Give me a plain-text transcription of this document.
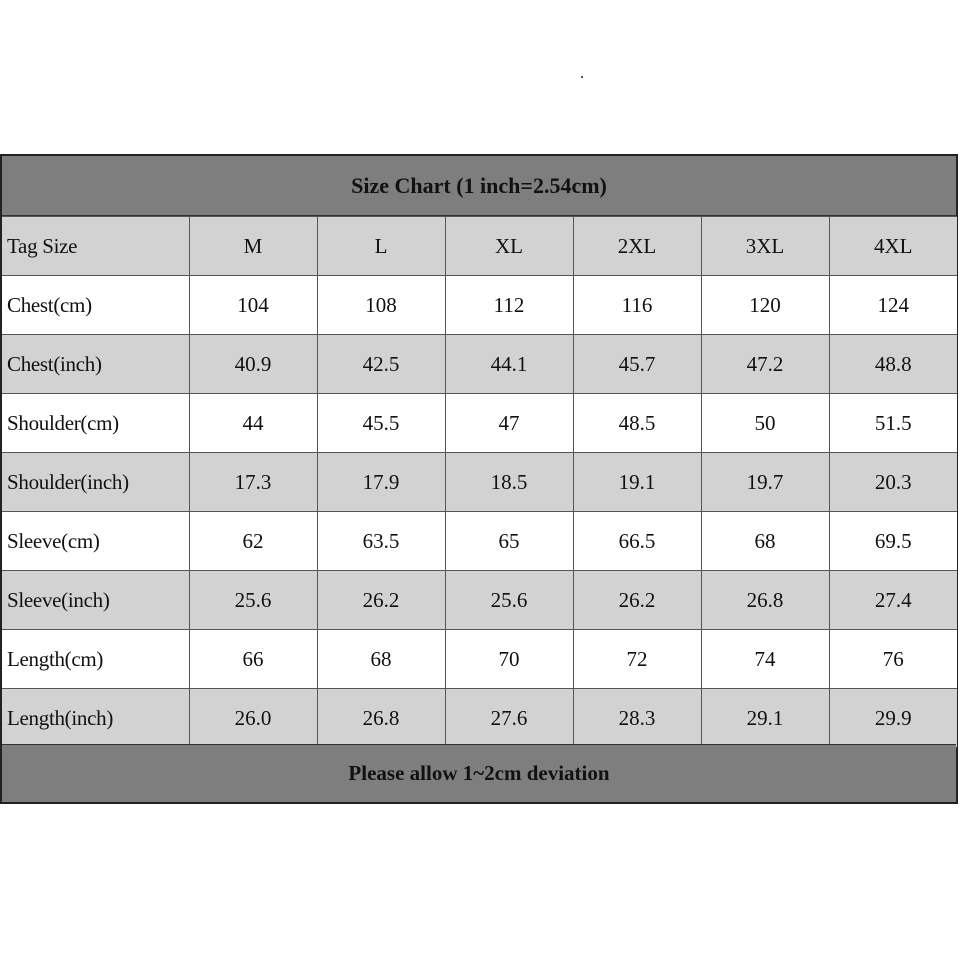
Size Chart (1 inch=2.54cm)
Tag Size	M	L	XL	2XL	3XL	4XL
Chest(cm)	104	108	112	116	120	124
Chest(inch)	40.9	42.5	44.1	45.7	47.2	48.8
Shoulder(cm)	44	45.5	47	48.5	50	51.5
Shoulder(inch)	17.3	17.9	18.5	19.1	19.7	20.3
Sleeve(cm)	62	63.5	65	66.5	68	69.5
Sleeve(inch)	25.6	26.2	25.6	26.2	26.8	27.4
Length(cm)	66	68	70	72	74	76
Length(inch)	26.0	26.8	27.6	28.3	29.1	29.9
Please allow 1~2cm deviation
